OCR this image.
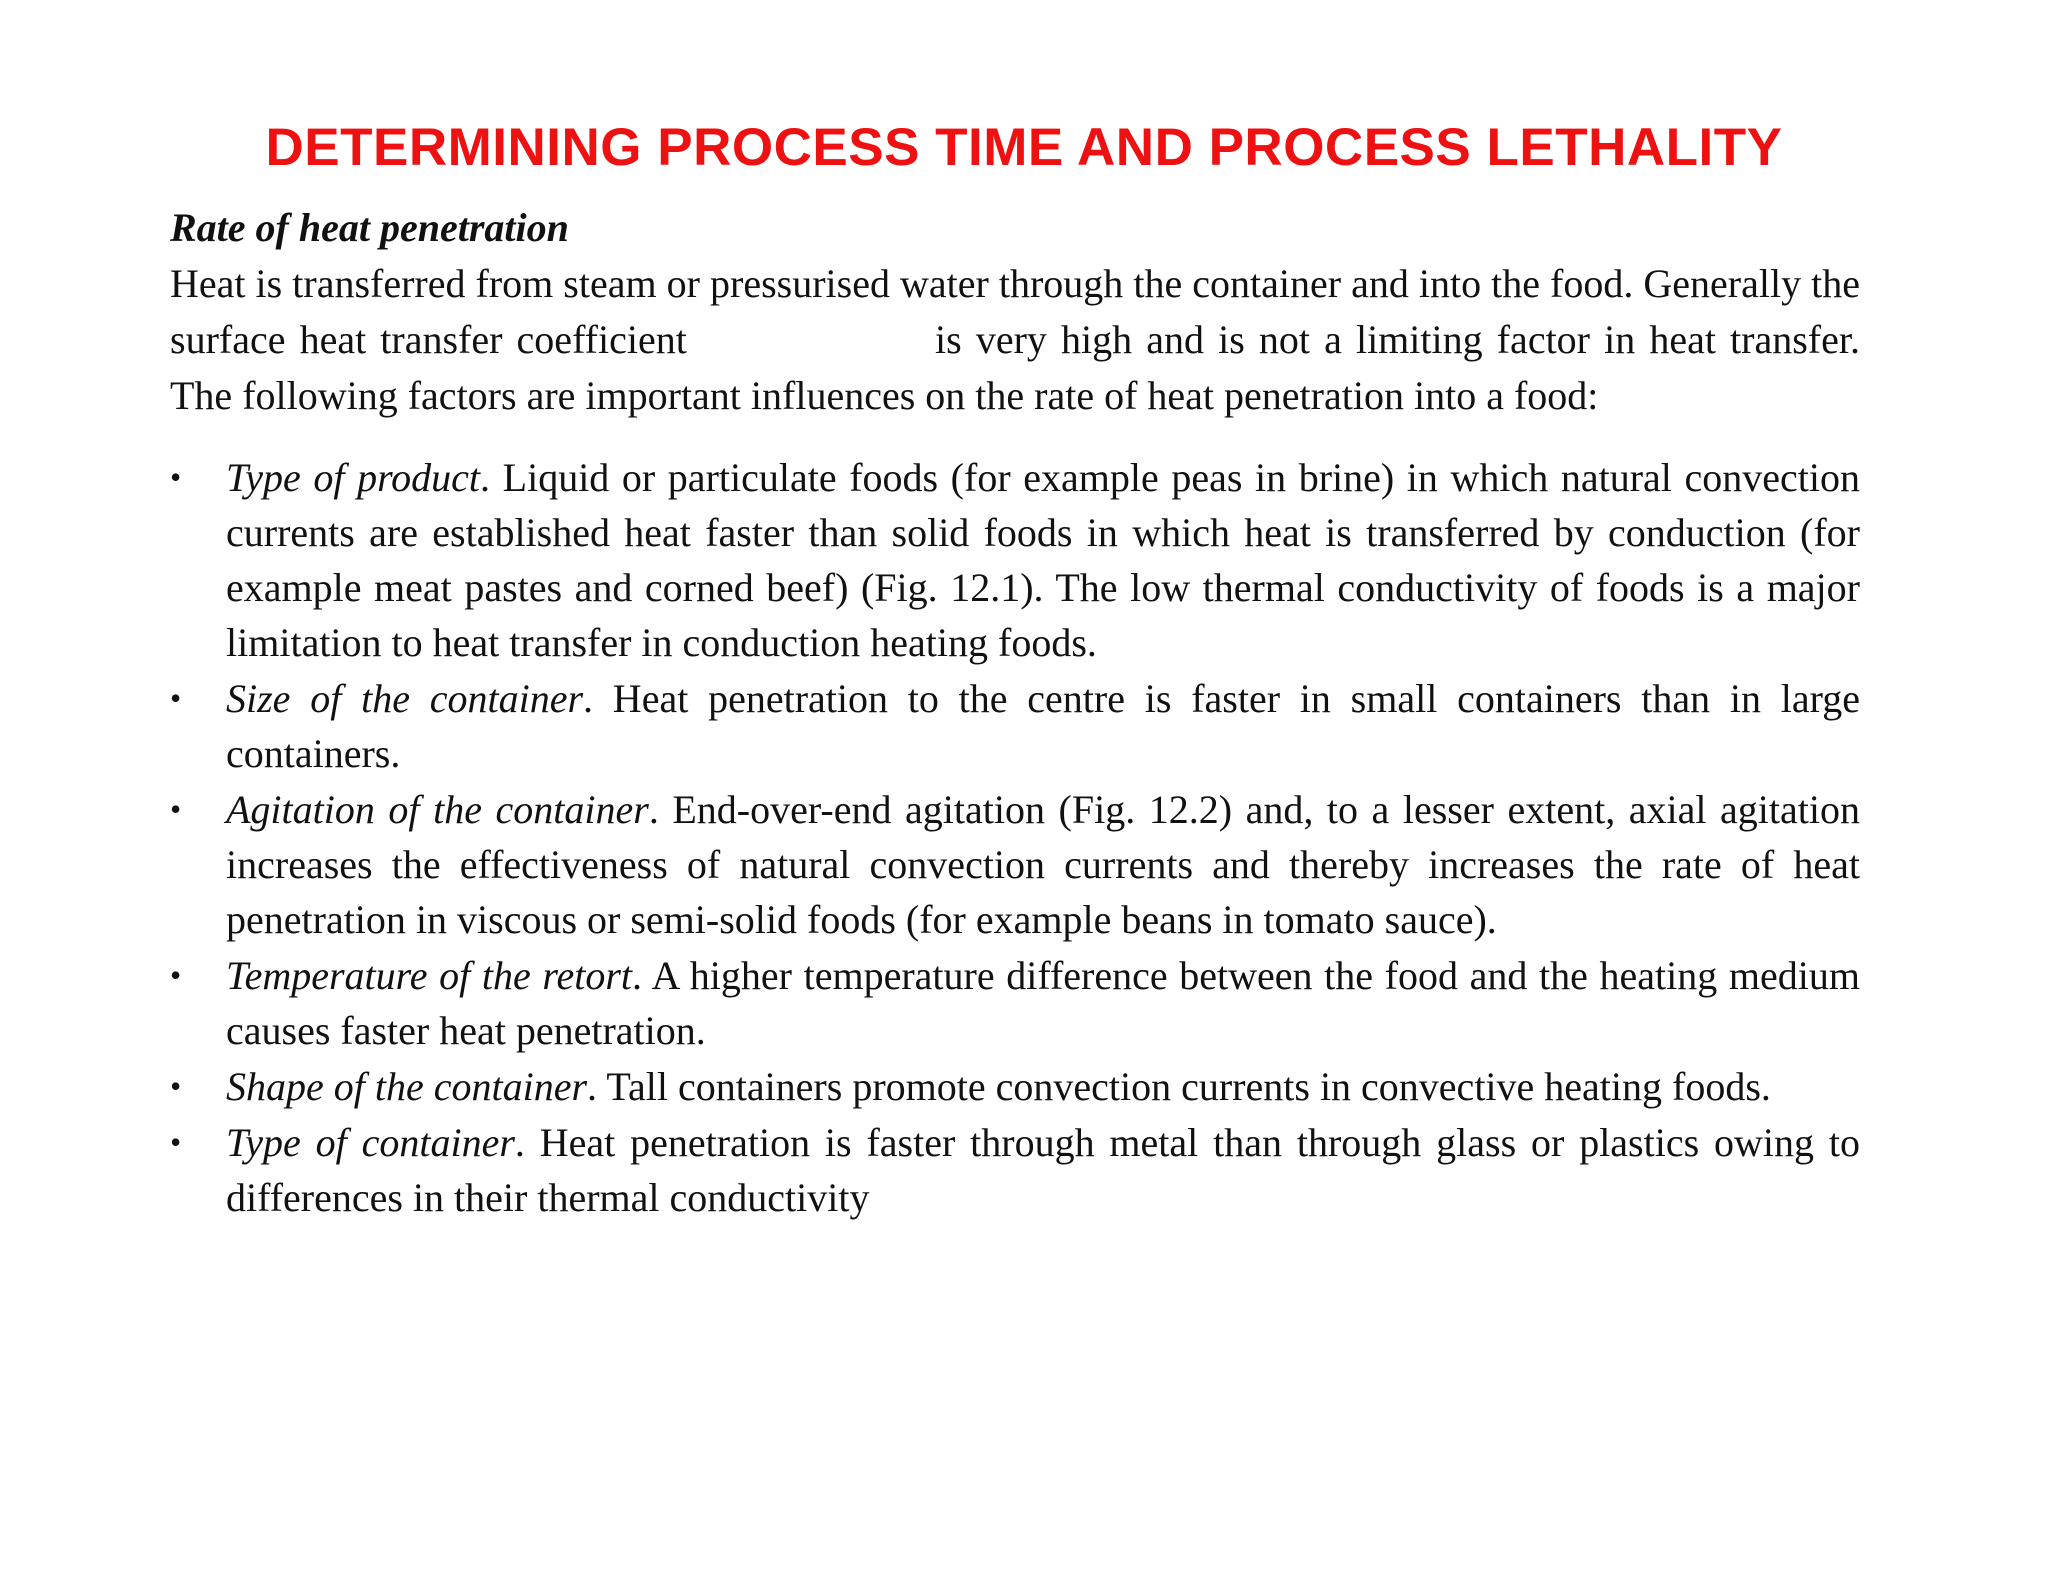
DETERMINING PROCESS TIME AND PROCESS LETHALITY

Rate of heat penetration

Heat is transferred from steam or pressurised water through the container and into the food. Generally the surface heat transfer coefficient	is very high and is not a limiting factor in heat transfer. The following factors are important influences on the rate of heat penetration into a food:

•	Type of product. Liquid or particulate foods (for example peas in brine) in which natural convection currents are established heat faster than solid foods in which heat is transferred by conduction (for example meat pastes and corned beef) (Fig. 12.1). The low thermal conductivity of foods is a major limitation to heat transfer in conduction heating foods.
•	Size of the container. Heat penetration to the centre is faster in small containers than in large containers.
•	Agitation of the container. End-over-end agitation (Fig. 12.2) and, to a lesser extent, axial agitation increases the effectiveness of natural convection currents and thereby increases the rate of heat penetration in viscous or semi-solid foods (for example beans in tomato sauce).
•	Temperature of the retort. A higher temperature difference between the food and the heating medium causes faster heat penetration.
•	Shape of the container. Tall containers promote convection currents in convective heating foods.
•	Type of container. Heat penetration is faster through metal than through glass or plastics owing to differences in their thermal conductivity
